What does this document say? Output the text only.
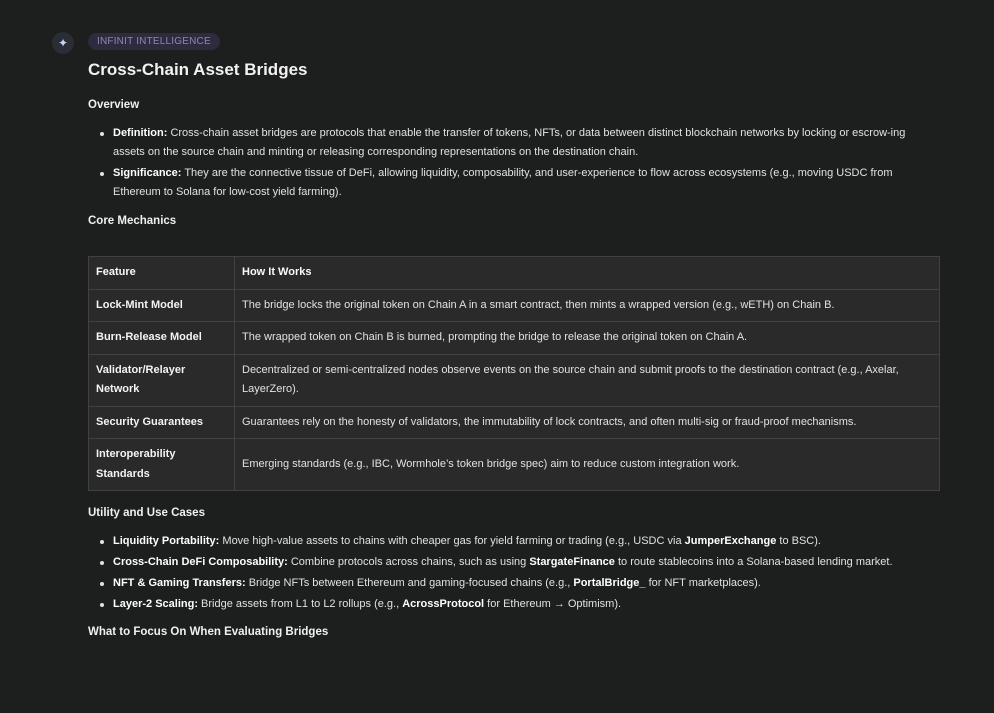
✦	INFINIT INTELLIGENCE
Cross-Chain Asset Bridges
Overview
Definition: Cross-chain asset bridges are protocols that enable the transfer of tokens, NFTs, or data between distinct blockchain networks by locking or escrow-ing assets on the source chain and minting or releasing corresponding representations on the destination chain.
Significance: They are the connective tissue of DeFi, allowing liquidity, composability, and user-experience to flow across ecosystems (e.g., moving USDC from Ethereum to Solana for low-cost yield farming).
Core Mechanics
Feature	How It Works
Lock-Mint Model	The bridge locks the original token on Chain A in a smart contract, then mints a wrapped version (e.g., wETH) on Chain B.
Burn-Release Model	The wrapped token on Chain B is burned, prompting the bridge to release the original token on Chain A.
Validator/Relayer Network	Decentralized or semi-centralized nodes observe events on the source chain and submit proofs to the destination contract (e.g., Axelar, LayerZero).
Security Guarantees	Guarantees rely on the honesty of validators, the immutability of lock contracts, and often multi-sig or fraud-proof mechanisms.
Interoperability Standards	Emerging standards (e.g., IBC, Wormhole’s token bridge spec) aim to reduce custom integration work.
Utility and Use Cases
Liquidity Portability: Move high-value assets to chains with cheaper gas for yield farming or trading (e.g., USDC via JumperExchange to BSC).
Cross-Chain DeFi Composability: Combine protocols across chains, such as using StargateFinance to route stablecoins into a Solana-based lending market.
NFT & Gaming Transfers: Bridge NFTs between Ethereum and gaming-focused chains (e.g., PortalBridge_ for NFT marketplaces).
Layer-2 Scaling: Bridge assets from L1 to L2 rollups (e.g., AcrossProtocol for Ethereum → Optimism).
What to Focus On When Evaluating Bridges
